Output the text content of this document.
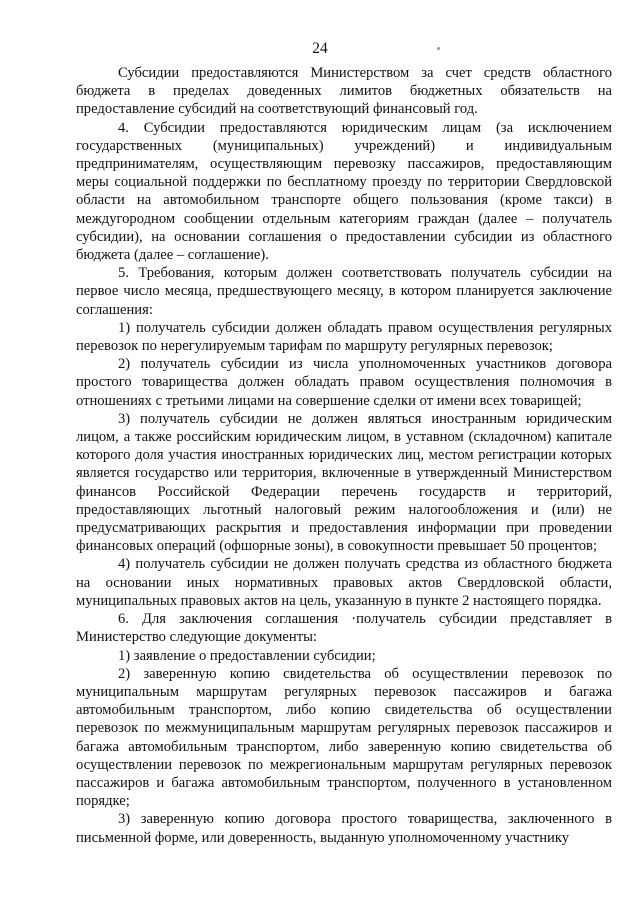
24

Субсидии предоставляются Министерством за счет средств областного бюджета в пределах доведенных лимитов бюджетных обязательств на предоставление субсидий на соответствующий финансовый год.

4. Субсидии предоставляются юридическим лицам (за исключением государственных (муниципальных) учреждений) и индивидуальным предпринимателям, осуществляющим перевозку пассажиров, предоставляющим меры социальной поддержки по бесплатному проезду по территории Свердловской области на автомобильном транспорте общего пользования (кроме такси) в междугородном сообщении отдельным категориям граждан (далее – получатель субсидии), на основании соглашения о предоставлении субсидии из областного бюджета (далее – соглашение).

5. Требования, которым должен соответствовать получатель субсидии на первое число месяца, предшествующего месяцу, в котором планируется заключение соглашения:

1) получатель субсидии должен обладать правом осуществления регулярных перевозок по нерегулируемым тарифам по маршруту регулярных перевозок;

2) получатель субсидии из числа уполномоченных участников договора простого товарищества должен обладать правом осуществления полномочия в отношениях с третьими лицами на совершение сделки от имени всех товарищей;

3) получатель субсидии не должен являться иностранным юридическим лицом, а также российским юридическим лицом, в уставном (складочном) капитале которого доля участия иностранных юридических лиц, местом регистрации которых является государство или территория, включенные в утвержденный Министерством финансов Российской Федерации перечень государств и территорий, предоставляющих льготный налоговый режим налогообложения и (или) не предусматривающих раскрытия и предоставления информации при проведении финансовых операций (офшорные зоны), в совокупности превышает 50 процентов;

4) получатель субсидии не должен получать средства из областного бюджета на основании иных нормативных правовых актов Свердловской области, муниципальных правовых актов на цель, указанную в пункте 2 настоящего порядка.

6. Для заключения соглашения ·получатель субсидии представляет в Министерство следующие документы:

1) заявление о предоставлении субсидии;

2) заверенную копию свидетельства об осуществлении перевозок по муниципальным маршрутам регулярных перевозок пассажиров и багажа автомобильным транспортом, либо копию свидетельства об осуществлении перевозок по межмуниципальным маршрутам регулярных перевозок пассажиров и багажа автомобильным транспортом, либо заверенную копию свидетельства об осуществлении перевозок по межрегиональным маршрутам регулярных перевозок пассажиров и багажа автомобильным транспортом, полученного в установленном порядке;

3) заверенную копию договора простого товарищества, заключенного в письменной форме, или доверенность, выданную уполномоченному участнику
